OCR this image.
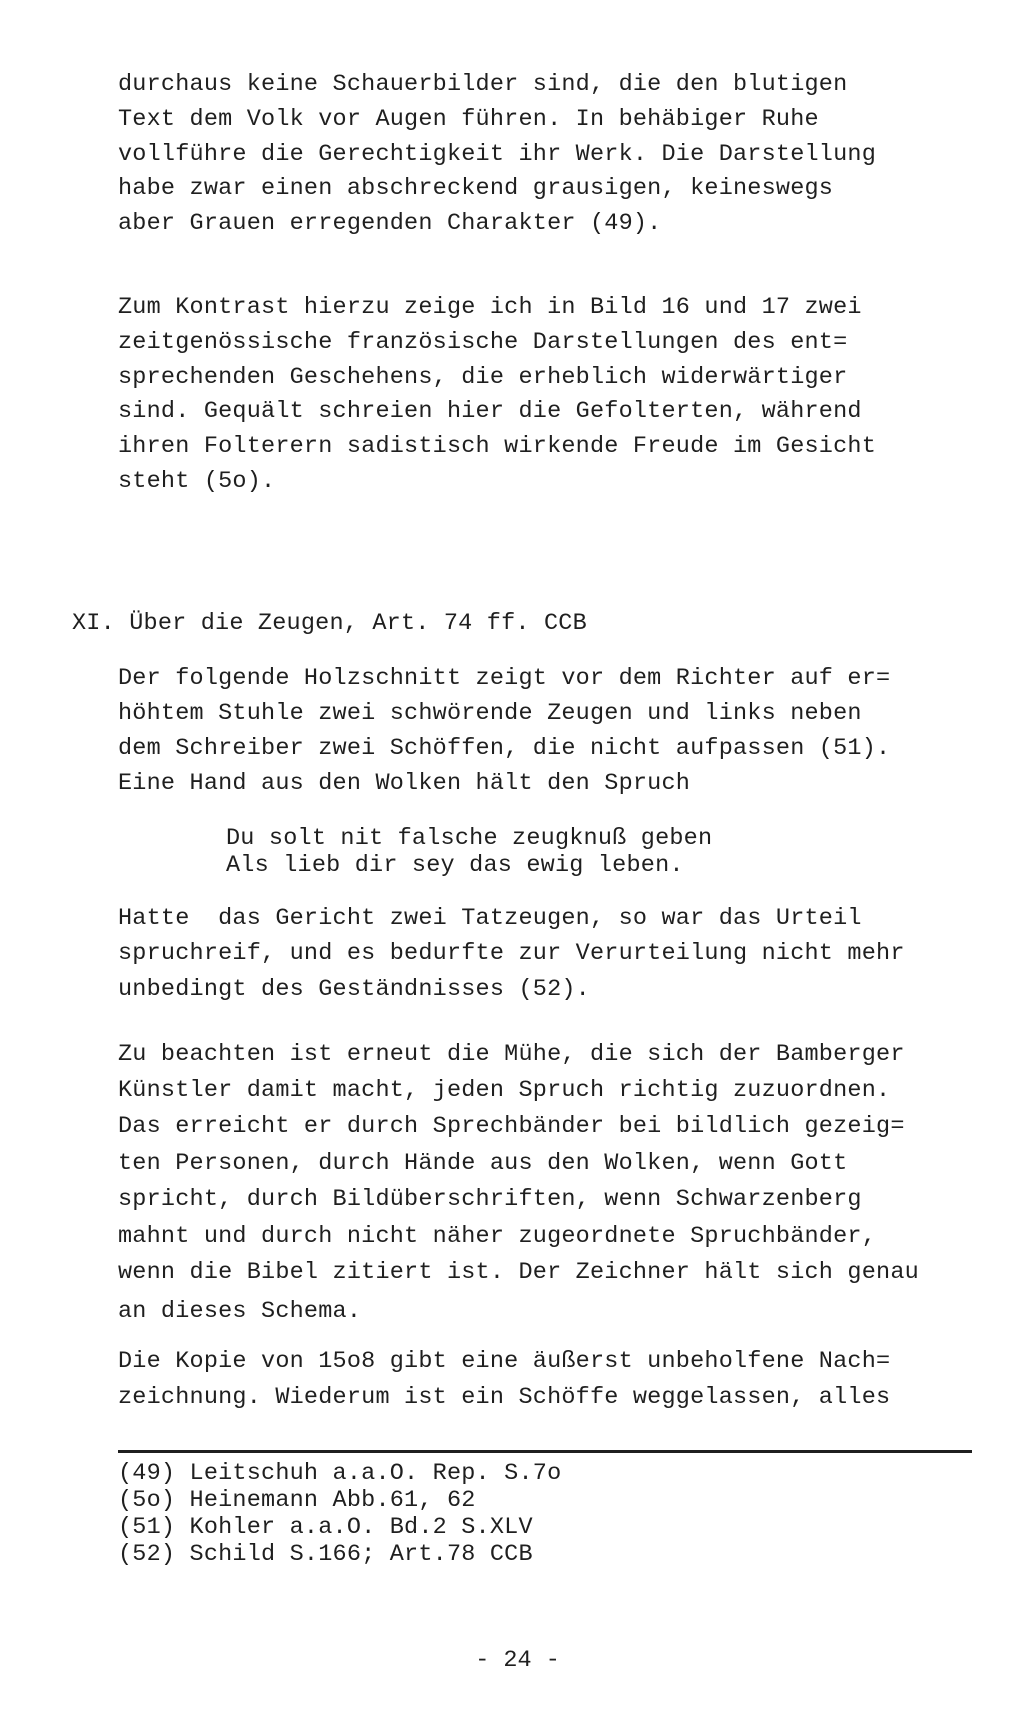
durchaus keine Schauerbilder sind, die den blutigen
Text dem Volk vor Augen führen. In behäbiger Ruhe
vollführe die Gerechtigkeit ihr Werk. Die Darstellung
habe zwar einen abschreckend grausigen, keineswegs
aber Grauen erregenden Charakter (49).
Zum Kontrast hierzu zeige ich in Bild 16 und 17 zwei
zeitgenössische französische Darstellungen des ent=
sprechenden Geschehens, die erheblich widerwärtiger
sind. Gequält schreien hier die Gefolterten, während
ihren Folterern sadistisch wirkende Freude im Gesicht
steht (5o).
XI. Über die Zeugen, Art. 74 ff. CCB
Der folgende Holzschnitt zeigt vor dem Richter auf er=
höhtem Stuhle zwei schwörende Zeugen und links neben
dem Schreiber zwei Schöffen, die nicht aufpassen (51).
Eine Hand aus den Wolken hält den Spruch
Du solt nit falsche zeugknuß geben
Als lieb dir sey das ewig leben.
Hatte  das Gericht zwei Tatzeugen, so war das Urteil
spruchreif, und es bedurfte zur Verurteilung nicht mehr
unbedingt des Geständnisses (52).
Zu beachten ist erneut die Mühe, die sich der Bamberger
Künstler damit macht, jeden Spruch richtig zuzuordnen.
Das erreicht er durch Sprechbänder bei bildlich gezeig=
ten Personen, durch Hände aus den Wolken, wenn Gott
spricht, durch Bildüberschriften, wenn Schwarzenberg
mahnt und durch nicht näher zugeordnete Spruchbänder,
wenn die Bibel zitiert ist. Der Zeichner hält sich genau
an dieses Schema.
Die Kopie von 15o8 gibt eine äußerst unbeholfene Nach=
zeichnung. Wiederum ist ein Schöffe weggelassen, alles
(49) Leitschuh a.a.O. Rep. S.7o
(5o) Heinemann Abb.61, 62
(51) Kohler a.a.O. Bd.2 S.XLV
(52) Schild S.166; Art.78 CCB
- 24 -
